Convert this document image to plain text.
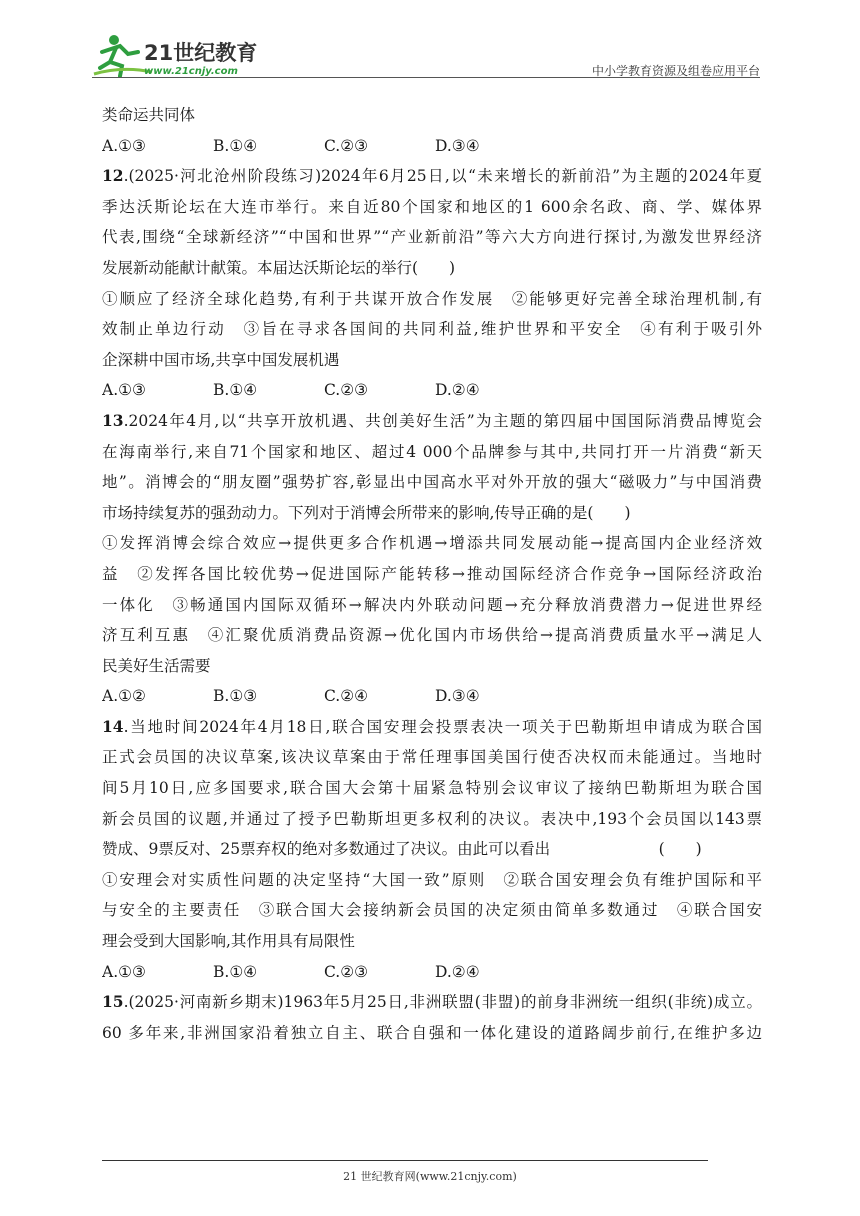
21世纪教育
www.21cnjy.com	中小学教育资源及组卷应用平台
类命运共同体
A.①③	B.①④	C.②③	D.③④
12.(2025·河北沧州阶段练习)2024年6月25日,以“未来增长的新前沿”为主题的2024年夏
季达沃斯论坛在大连市举行。来自近80个国家和地区的1 600余名政、商、学、媒体界
代表,围绕“全球新经济”“中国和世界”“产业新前沿”等六大方向进行探讨,为激发世界经济
发展新动能献计献策。本届达沃斯论坛的举行(　　)
①顺应了经济全球化趋势,有利于共谋开放合作发展　②能够更好完善全球治理机制,有
效制止单边行动　③旨在寻求各国间的共同利益,维护世界和平安全　④有利于吸引外
企深耕中国市场,共享中国发展机遇
A.①③	B.①④	C.②③	D.②④
13.2024年4月,以“共享开放机遇、共创美好生活”为主题的第四届中国国际消费品博览会
在海南举行,来自71个国家和地区、超过4 000个品牌参与其中,共同打开一片消费“新天
地”。消博会的“朋友圈”强势扩容,彰显出中国高水平对外开放的强大“磁吸力”与中国消费
市场持续复苏的强劲动力。下列对于消博会所带来的影响,传导正确的是(　　)
①发挥消博会综合效应→提供更多合作机遇→增添共同发展动能→提高国内企业经济效
益　②发挥各国比较优势→促进国际产能转移→推动国际经济合作竞争→国际经济政治
一体化　③畅通国内国际双循环→解决内外联动问题→充分释放消费潜力→促进世界经
济互利互惠　④汇聚优质消费品资源→优化国内市场供给→提高消费质量水平→满足人
民美好生活需要
A.①②	B.①③	C.②④	D.③④
14.当地时间2024年4月18日,联合国安理会投票表决一项关于巴勒斯坦申请成为联合国
正式会员国的决议草案,该决议草案由于常任理事国美国行使否决权而未能通过。当地时
间5月10日,应多国要求,联合国大会第十届紧急特别会议审议了接纳巴勒斯坦为联合国
新会员国的议题,并通过了授予巴勒斯坦更多权利的决议。表决中,193个会员国以143票
赞成、9票反对、25票弃权的绝对多数通过了决议。由此可以看出　　　　　　　(　　)
①安理会对实质性问题的决定坚持“大国一致”原则　②联合国安理会负有维护国际和平
与安全的主要责任　③联合国大会接纳新会员国的决定须由简单多数通过　④联合国安
理会受到大国影响,其作用具有局限性
A.①③	B.①④	C.②③	D.②④
15.(2025·河南新乡期末)1963年5月25日,非洲联盟(非盟)的前身非洲统一组织(非统)成立。
60 多年来,非洲国家沿着独立自主、联合自强和一体化建设的道路阔步前行,在维护多边
21 世纪教育网(www.21cnjy.com)
